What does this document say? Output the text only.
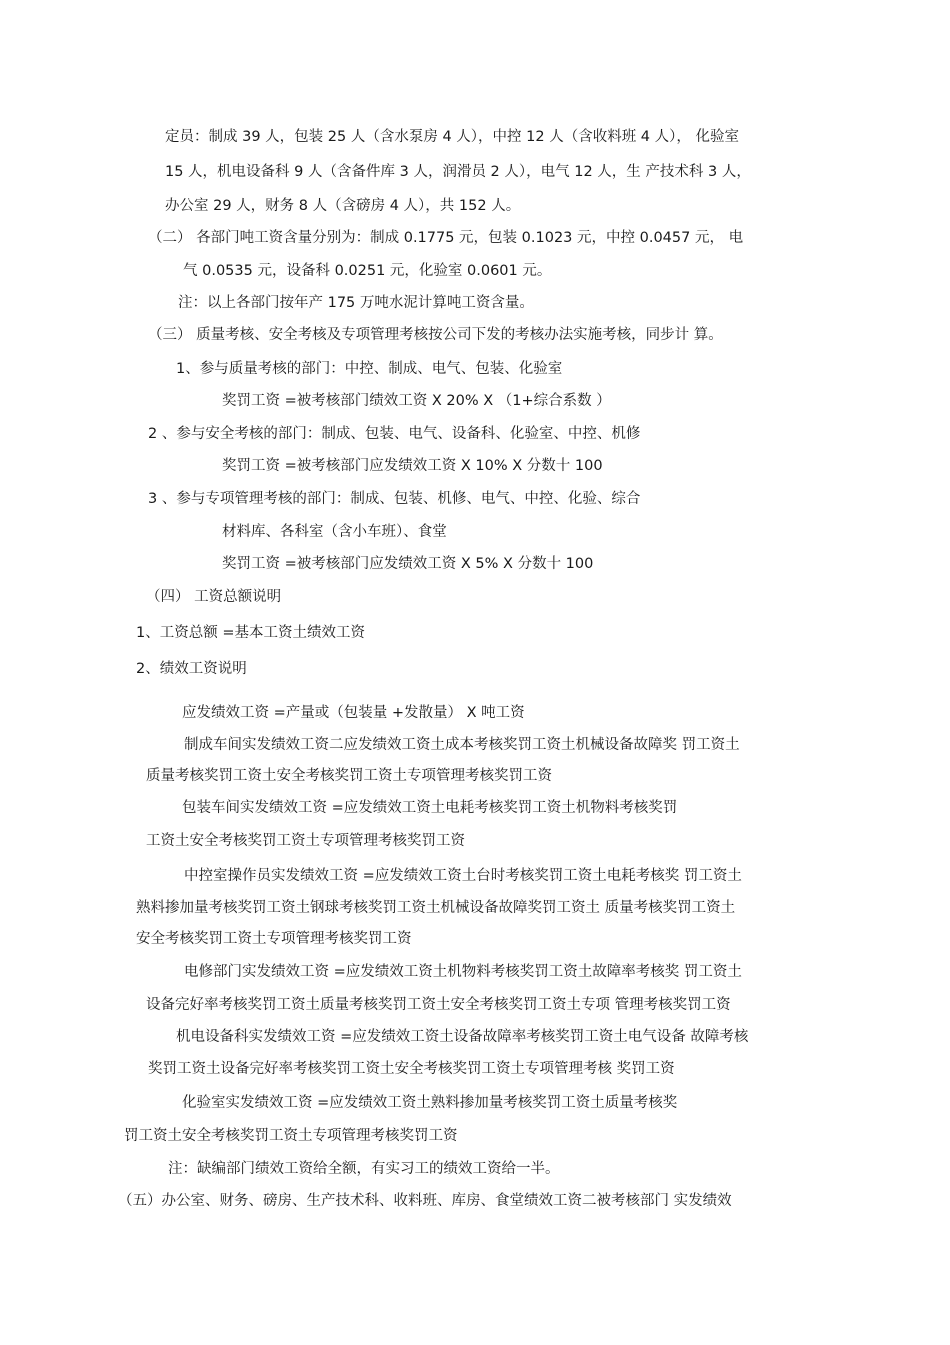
定员：制成 39 人，包装 25 人（含水泵房 4 人），中控 12 人（含收料班 4 人）， 化验室
15 人，机电设备科 9 人（含备件库 3 人，润滑员 2 人），电气 12 人，生 产技术科 3 人，
办公室 29 人，财务 8 人（含磅房 4 人），共 152 人。
（二） 各部门吨工资含量分别为：制成 0.1775 元，包装 0.1023 元，中控 0.0457 元， 电
气 0.0535 元，设备科 0.0251 元，化验室 0.0601 元。
注：以上各部门按年产 175 万吨水泥计算吨工资含量。
（三） 质量考核、安全考核及专项管理考核按公司下发的考核办法实施考核，同步计 算。
1、参与质量考核的部门：中控、制成、电气、包装、化验室
奖罚工资 =被考核部门绩效工资 X 20% X （1+综合系数 ）
2 、参与安全考核的部门：制成、包装、电气、设备科、化验室、中控、机修
奖罚工资 =被考核部门应发绩效工资 X 10% X 分数十 100
3 、参与专项管理考核的部门：制成、包装、机修、电气、中控、化验、综合
材料库、各科室（含小车班）、食堂
奖罚工资 =被考核部门应发绩效工资 X 5% X 分数十 100
（四） 工资总额说明
1、工资总额 =基本工资土绩效工资
2、绩效工资说明
应发绩效工资 =产量或（包装量 +发散量） X 吨工资
制成车间实发绩效工资二应发绩效工资土成本考核奖罚工资土机械设备故障奖 罚工资土
质量考核奖罚工资土安全考核奖罚工资土专项管理考核奖罚工资
包装车间实发绩效工资 =应发绩效工资土电耗考核奖罚工资土机物料考核奖罚
工资土安全考核奖罚工资土专项管理考核奖罚工资
中控室操作员实发绩效工资 =应发绩效工资土台时考核奖罚工资土电耗考核奖 罚工资土
熟料掺加量考核奖罚工资土钢球考核奖罚工资土机械设备故障奖罚工资土 质量考核奖罚工资土
安全考核奖罚工资土专项管理考核奖罚工资
电修部门实发绩效工资 =应发绩效工资土机物料考核奖罚工资土故障率考核奖 罚工资土
设备完好率考核奖罚工资土质量考核奖罚工资土安全考核奖罚工资土专项 管理考核奖罚工资
机电设备科实发绩效工资 =应发绩效工资土设备故障率考核奖罚工资土电气设备 故障考核
奖罚工资土设备完好率考核奖罚工资土安全考核奖罚工资土专项管理考核 奖罚工资
化验室实发绩效工资 =应发绩效工资土熟料掺加量考核奖罚工资土质量考核奖
罚工资土安全考核奖罚工资土专项管理考核奖罚工资
注：缺编部门绩效工资给全额，有实习工的绩效工资给一半。
（五）办公室、财务、磅房、生产技术科、收料班、库房、食堂绩效工资二被考核部门 实发绩效
